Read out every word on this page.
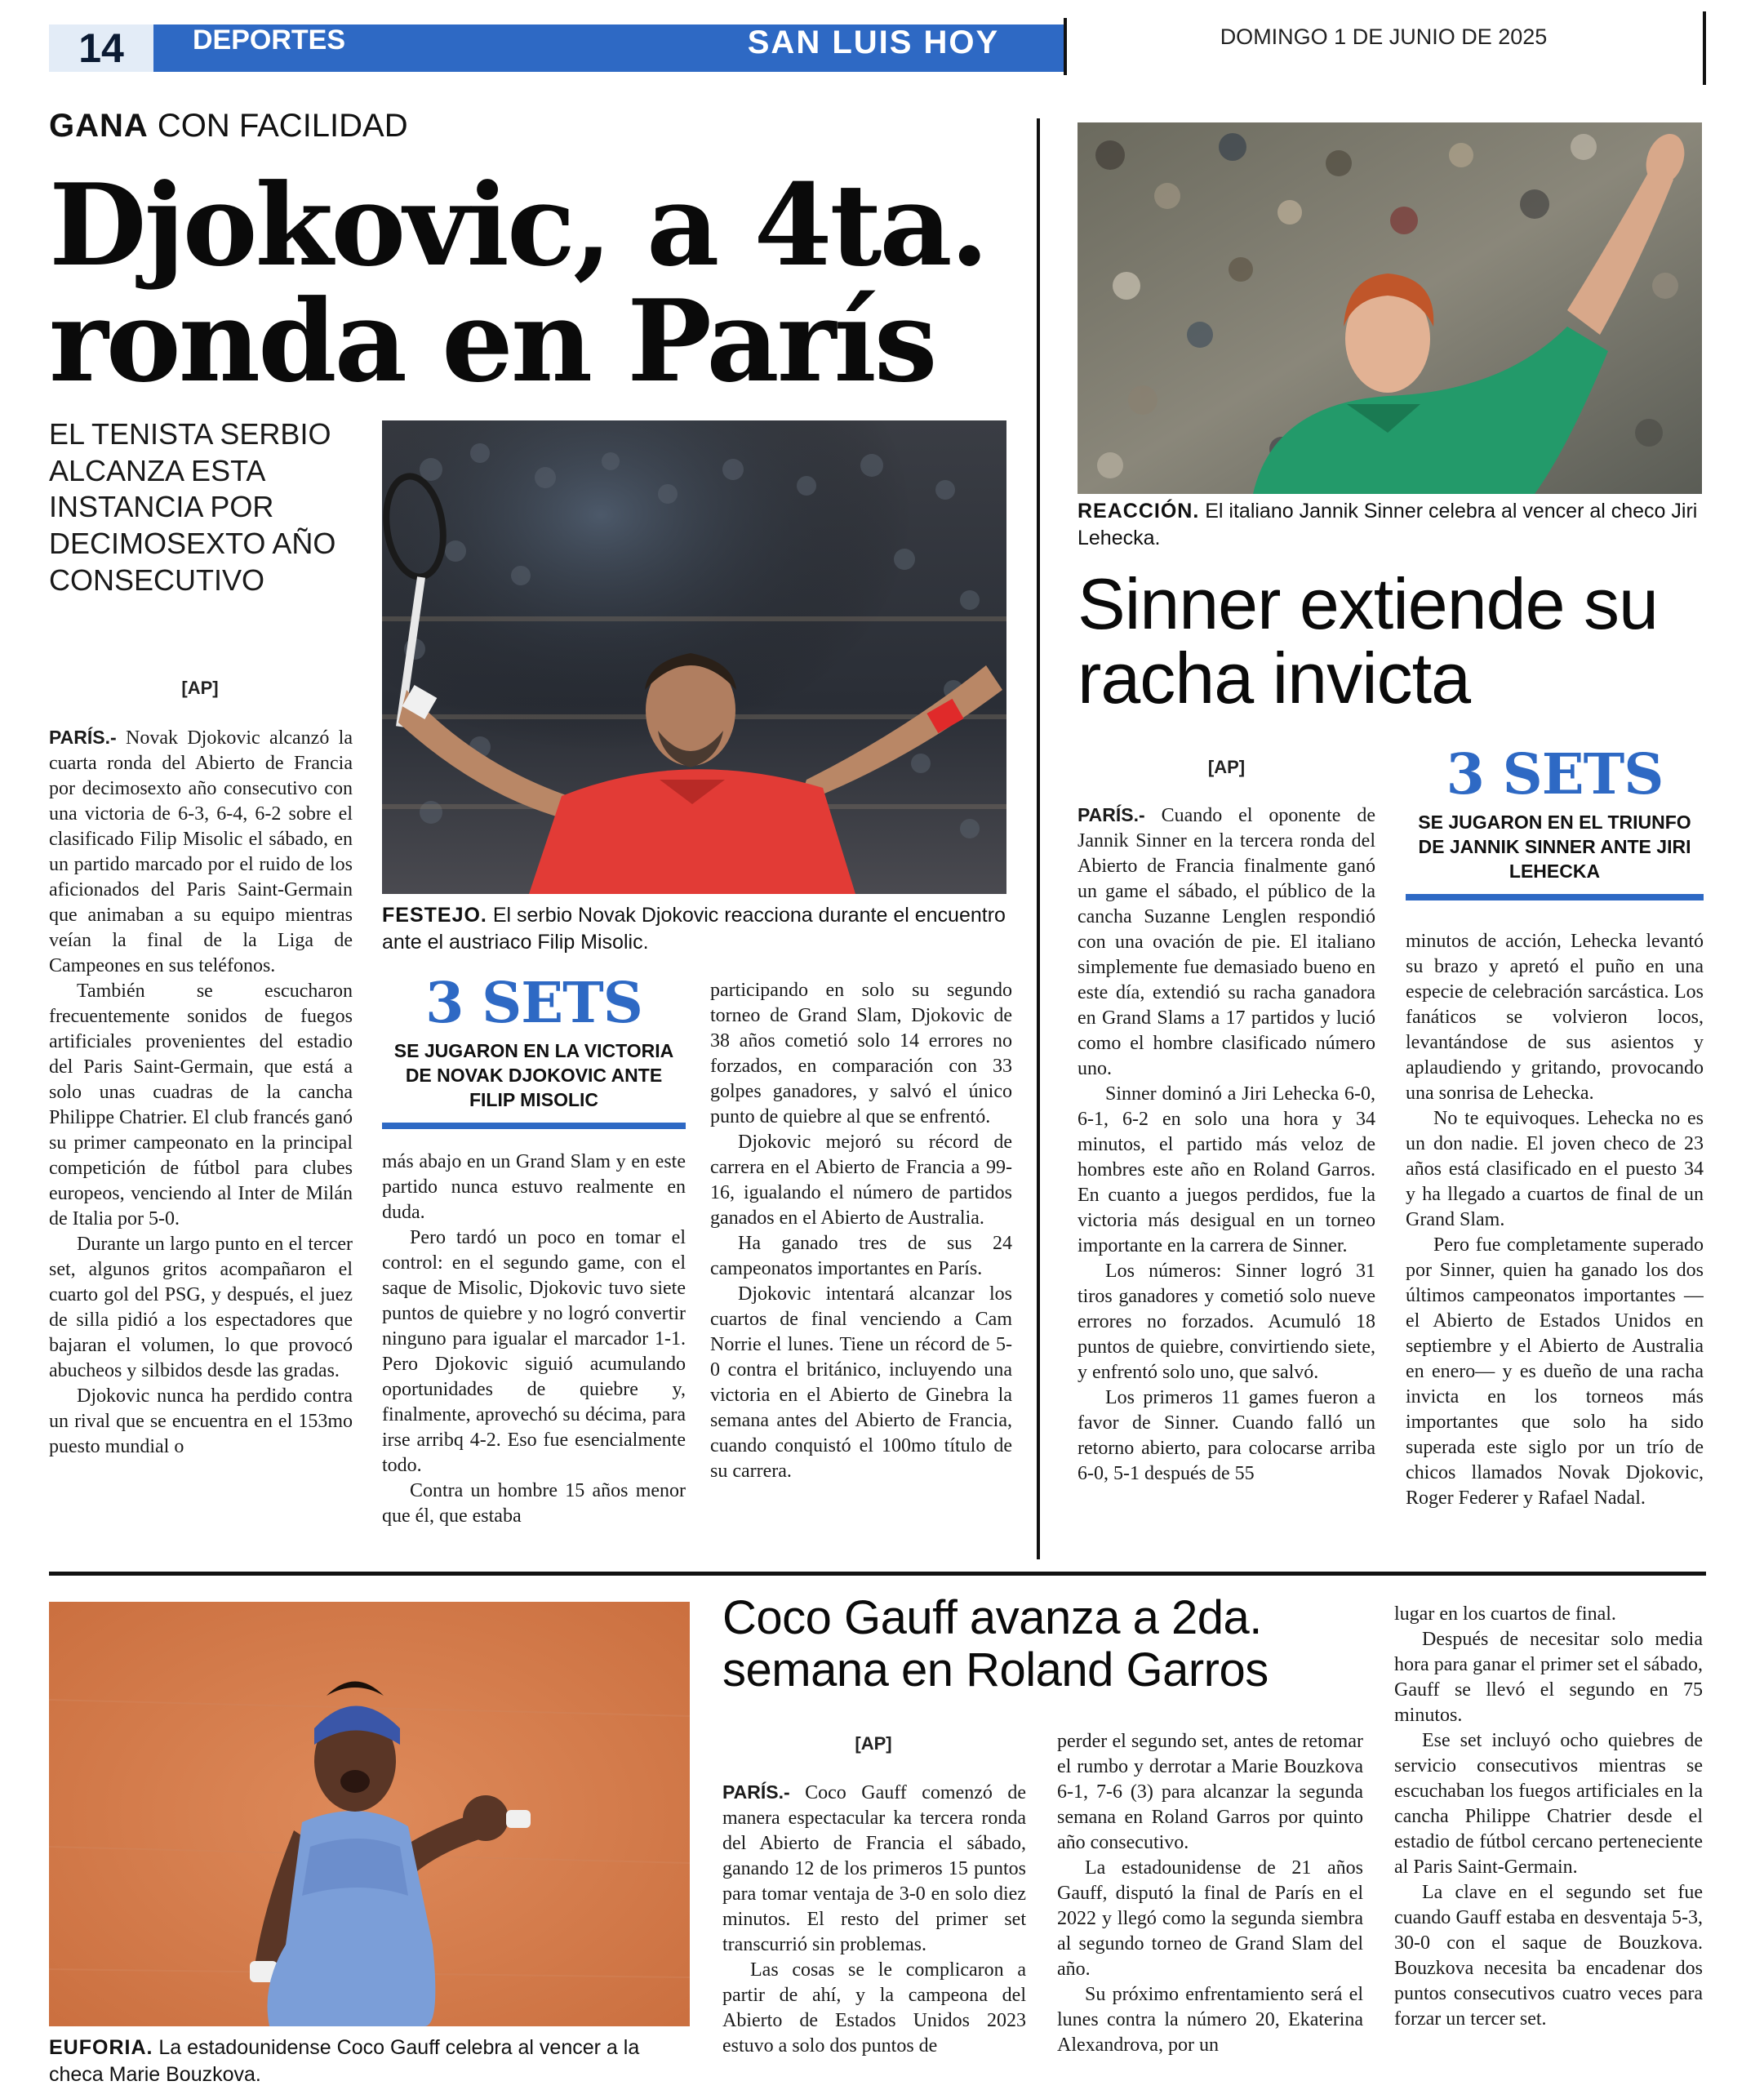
14	DEPORTES	SAN LUIS HOY	DOMINGO 1 DE JUNIO DE 2025
GANA CON FACILIDAD
Djokovic, a 4ta. ronda en París
EL TENISTA SERBIO ALCANZA ESTA INSTANCIA POR DECIMOSEXTO AÑO CONSECUTIVO
[AP]
FESTEJO. El serbio Novak Djokovic reacciona durante el encuentro ante el austriaco Filip Misolic.

PARÍS.- Novak Djokovic alcanzó la cuarta ronda del Abierto de Francia por decimosexto año consecutivo con una victoria de 6-3, 6-4, 6-2 sobre el clasificado Filip Misolic el sábado, en un partido marcado por el ruido de los aficionados del Paris Saint-Germain que animaban a su equipo mientras veían la final de la Liga de Campeones en sus teléfonos.

También se escucharon frecuentemente sonidos de fuegos artificiales provenientes del estadio del Paris Saint-Germain, que está a solo unas cuadras de la cancha Philippe Chatrier. El club francés ganó su primer campeonato en la principal competición de fútbol para clubes europeos, venciendo al Inter de Milán de Italia por 5-0.

Durante un largo punto en el tercer set, algunos gritos acompañaron el cuarto gol del PSG, y después, el juez de silla pidió a los espectadores que bajaran el volumen, lo que provocó abucheos y silbidos desde las gradas.

Djokovic nunca ha perdido contra un rival que se encuentra en el 153mo puesto mundial o

3 SETS
SE JUGARON EN LA VICTORIA DE NOVAK DJOKOVIC ANTE FILIP MISOLIC

más abajo en un Grand Slam y en este partido nunca estuvo realmente en duda.

Pero tardó un poco en tomar el control: en el segundo game, con el saque de Misolic, Djokovic tuvo siete puntos de quiebre y no logró convertir ninguno para igualar el marcador 1-1. Pero Djokovic siguió acumulando oportunidades de quiebre y, finalmente, aprovechó su décima, para irse arribq 4-2. Eso fue esencialmente todo.

Contra un hombre 15 años menor que él, que estaba

participando en solo su segundo torneo de Grand Slam, Djokovic de 38 años cometió solo 14 errores no forzados, en comparación con 33 golpes ganadores, y salvó el único punto de quiebre al que se enfrentó.

Djokovic mejoró su récord de carrera en el Abierto de Francia a 99-16, igualando el número de partidos ganados en el Abierto de Australia.

Ha ganado tres de sus 24 campeonatos importantes en París.

Djokovic intentará alcanzar los cuartos de final venciendo a Cam Norrie el lunes. Tiene un récord de 5-0 contra el británico, incluyendo una victoria en el Abierto de Ginebra la semana antes del Abierto de Francia, cuando conquistó el 100mo título de su carrera.

REACCIÓN. El italiano Jannik Sinner celebra al vencer al checo Jiri Lehecka.
Sinner extiende su racha invicta
[AP]	3 SETS
SE JUGARON EN EL TRIUNFO DE JANNIK SINNER ANTE JIRI LEHECKA

PARÍS.- Cuando el oponente de Jannik Sinner en la tercera ronda del Abierto de Francia finalmente ganó un game el sábado, el público de la cancha Suzanne Lenglen respondió con una ovación de pie. El italiano simplemente fue demasiado bueno en este día, extendió su racha ganadora en Grand Slams a 17 partidos y lució como el hombre clasificado número uno.

Sinner dominó a Jiri Lehecka 6-0, 6-1, 6-2 en solo una hora y 34 minutos, el partido más veloz de hombres este año en Roland Garros. En cuanto a juegos perdidos, fue la victoria más desigual en un torneo importante en la carrera de Sinner.

Los números: Sinner logró 31 tiros ganadores y cometió solo nueve errores no forzados. Acumuló 18 puntos de quiebre, convirtiendo siete, y enfrentó solo uno, que salvó.

Los primeros 11 games fueron a favor de Sinner. Cuando falló un retorno abierto, para colocarse arriba 6-0, 5-1 después de 55

minutos de acción, Lehecka levantó su brazo y apretó el puño en una especie de celebración sarcástica. Los fanáticos se volvieron locos, levantándose de sus asientos y aplaudiendo y gritando, provocando una sonrisa de Lehecka.

No te equivoques. Lehecka no es un don nadie. El joven checo de 23 años está clasificado en el puesto 34 y ha llegado a cuartos de final de un Grand Slam.

Pero fue completamente superado por Sinner, quien ha ganado los dos últimos campeonatos importantes —el Abierto de Estados Unidos en septiembre y el Abierto de Australia en enero— y es dueño de una racha invicta en los torneos más importantes que solo ha sido superada este siglo por un trío de chicos llamados Novak Djokovic, Roger Federer y Rafael Nadal.

EUFORIA. La estadounidense Coco Gauff celebra al vencer a la checa Marie Bouzkova.
Coco Gauff avanza a 2da. semana en Roland Garros
[AP]

PARÍS.- Coco Gauff comenzó de manera espectacular ka tercera ronda del Abierto de Francia el sábado, ganando 12 de los primeros 15 puntos para tomar ventaja de 3-0 en solo diez minutos. El resto del primer set transcurrió sin problemas.

Las cosas se le complicaron a partir de ahí, y la campeona del Abierto de Estados Unidos 2023 estuvo a solo dos puntos de

perder el segundo set, antes de retomar el rumbo y derrotar a Marie Bouzkova 6-1, 7-6 (3) para alcanzar la segunda semana en Roland Garros por quinto año consecutivo.

La estadounidense de 21 años Gauff, disputó la final de París en el 2022 y llegó como la segunda siembra al segundo torneo de Grand Slam del año.

Su próximo enfrentamiento será el lunes contra la número 20, Ekaterina Alexandrova, por un

lugar en los cuartos de final.

Después de necesitar solo media hora para ganar el primer set el sábado, Gauff se llevó el segundo en 75 minutos.

Ese set incluyó ocho quiebres de servicio consecutivos mientras se escuchaban los fuegos artificiales en la cancha Philippe Chatrier desde el estadio de fútbol cercano perteneciente al Paris Saint-Germain.

La clave en el segundo set fue cuando Gauff estaba en desventaja 5-3, 30-0 con el saque de Bouzkova. Bouzkova necesita ba encadenar dos puntos consecutivos cuatro veces para forzar un tercer set.
